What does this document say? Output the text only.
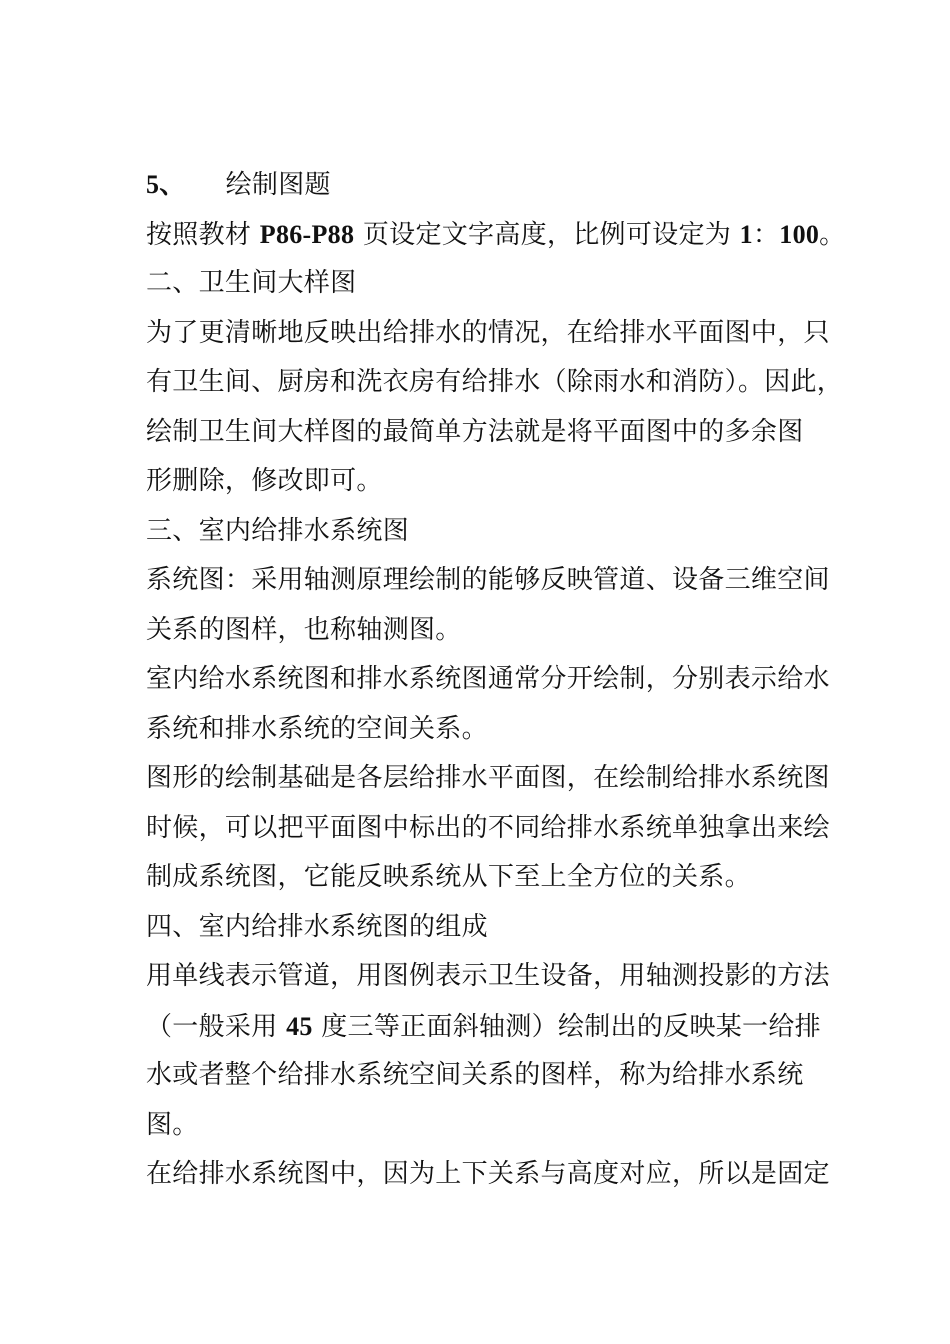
5、 绘制图题
按照教材 P86-P88 页设定文字高度，比例可设定为 1：100。
二、卫生间大样图
为了更清晰地反映出给排水的情况，在给排水平面图中，只
有卫生间、厨房和洗衣房有给排水（除雨水和消防）。因此，
绘制卫生间大样图的最简单方法就是将平面图中的多余图
形删除，修改即可。
三、室内给排水系统图
系统图：采用轴测原理绘制的能够反映管道、设备三维空间
关系的图样，也称轴测图。
室内给水系统图和排水系统图通常分开绘制，分别表示给水
系统和排水系统的空间关系。
图形的绘制基础是各层给排水平面图，在绘制给排水系统图
时候，可以把平面图中标出的不同给排水系统单独拿出来绘
制成系统图，它能反映系统从下至上全方位的关系。
四、室内给排水系统图的组成
用单线表示管道，用图例表示卫生设备，用轴测投影的方法
（一般采用 45 度三等正面斜轴测）绘制出的反映某一给排
水或者整个给排水系统空间关系的图样，称为给排水系统
图。
在给排水系统图中，因为上下关系与高度对应，所以是固定
